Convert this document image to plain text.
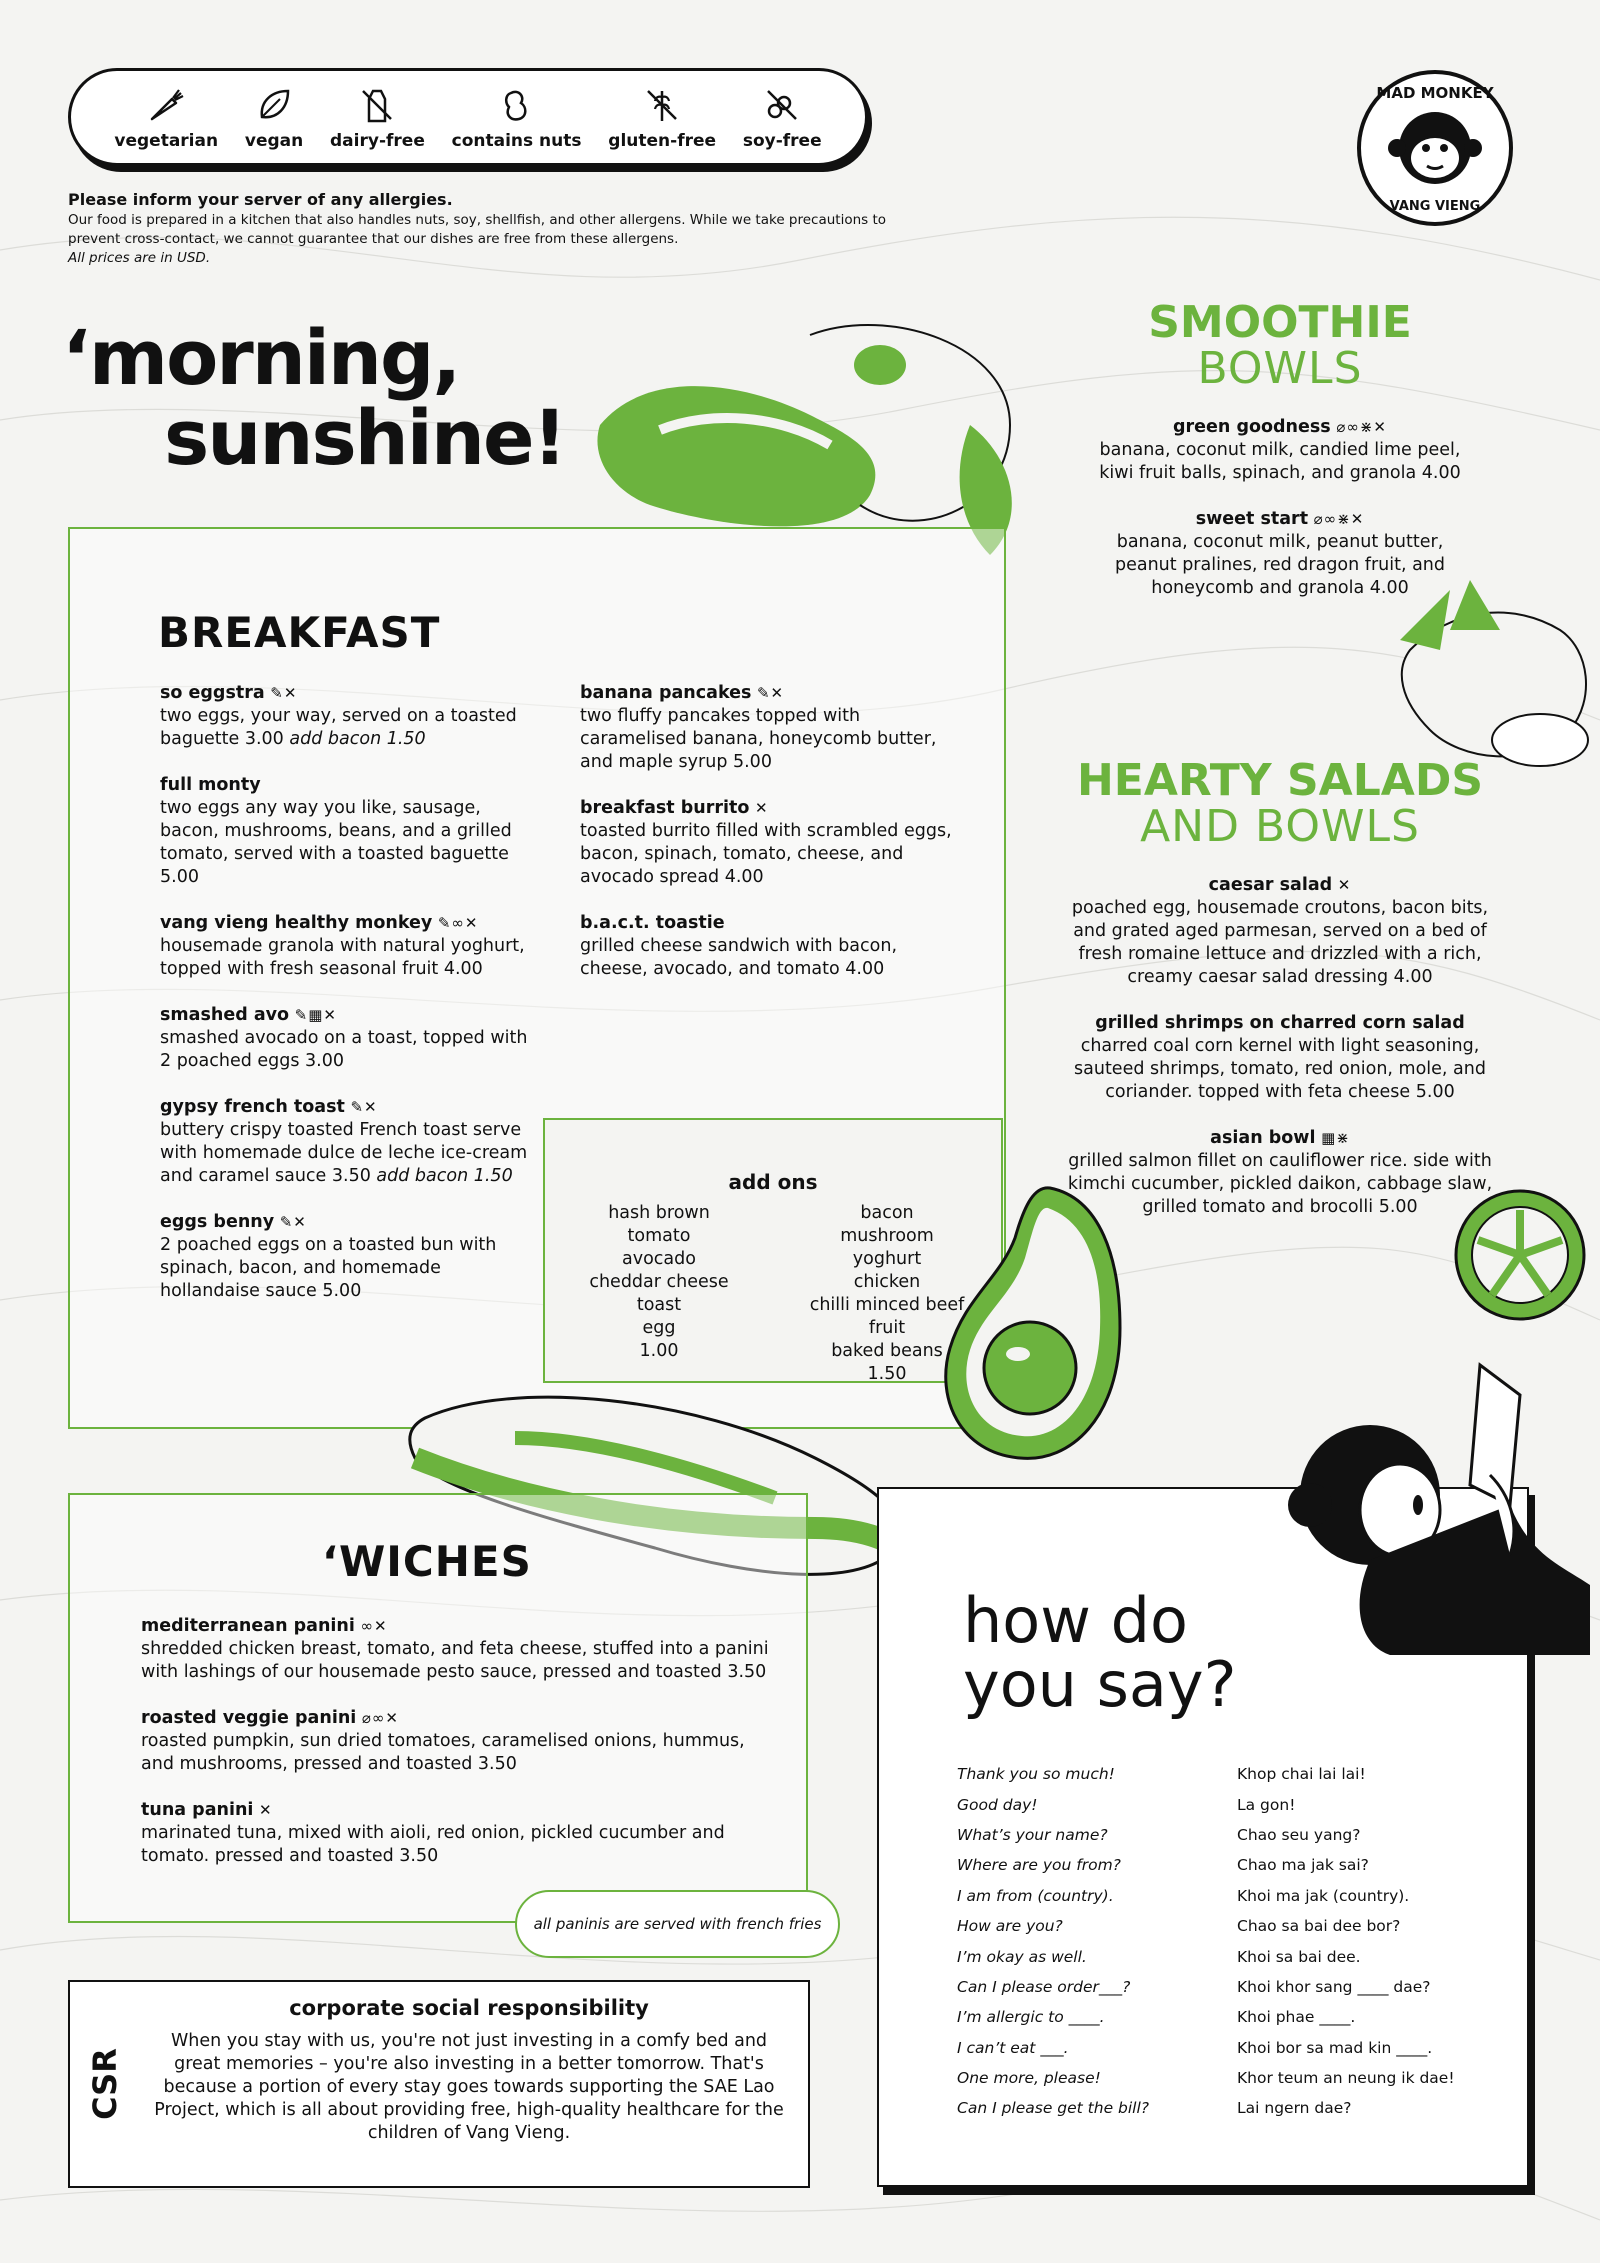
vegetarian vegan dairy-free contains nuts gluten-free soy-free
Please inform your server of any allergies.
Our food is prepared in a kitchen that also handles nuts, soy, shellfish, and other allergens. While we take precautions to prevent cross-contact, we cannot guarantee that our dishes are free from these allergens.
All prices are in USD.
MAD MONKEY
VANG VIENG
‘morning,
sunshine!
BREAKFAST
so eggstra ✎✕
two eggs, your way, served on a toasted baguette 3.00 add bacon 1.50
full monty
two eggs any way you like, sausage, bacon, mushrooms, beans, and a grilled tomato, served with a toasted baguette 5.00
vang vieng healthy monkey ✎∞✕
housemade granola with natural yoghurt, topped with fresh seasonal fruit 4.00
smashed avo ✎▦✕
smashed avocado on a toast, topped with 2 poached eggs 3.00
gypsy french toast ✎✕
buttery crispy toasted French toast serve with homemade dulce de leche ice-cream and caramel sauce 3.50 add bacon 1.50
eggs benny ✎✕
2 poached eggs on a toasted bun with spinach, bacon, and homemade hollandaise sauce 5.00
banana pancakes ✎✕
two fluffy pancakes topped with caramelised banana, honeycomb butter, and maple syrup 5.00
breakfast burrito ✕
toasted burrito filled with scrambled eggs, bacon, spinach, tomato, cheese, and avocado spread 4.00
b.a.c.t. toastie
grilled cheese sandwich with bacon, cheese, avocado, and tomato 4.00
add ons
hash brown
tomato
avocado
cheddar cheese
toast
egg
1.00
bacon
mushroom
yoghurt
chicken
chilli minced beef
fruit
baked beans
1.50
SMOOTHIE
BOWLS
green goodness ⌀∞⋇✕
banana, coconut milk, candied lime peel, kiwi fruit balls, spinach, and granola 4.00
sweet start ⌀∞⋇✕
banana, coconut milk, peanut butter, peanut pralines, red dragon fruit, and honeycomb and granola 4.00
HEARTY SALADS
AND BOWLS
caesar salad ✕
poached egg, housemade croutons, bacon bits, and grated aged parmesan, served on a bed of fresh romaine lettuce and drizzled with a rich, creamy caesar salad dressing 4.00
grilled shrimps on charred corn salad
charred coal corn kernel with light seasoning, sauteed shrimps, tomato, red onion, mole, and coriander. topped with feta cheese 5.00
asian bowl ▦⋇
grilled salmon fillet on cauliflower rice. side with kimchi cucumber, pickled daikon, cabbage slaw, grilled tomato and brocolli 5.00
‘WICHES
mediterranean panini ∞✕
shredded chicken breast, tomato, and feta cheese, stuffed into a panini with lashings of our housemade pesto sauce, pressed and toasted 3.50
roasted veggie panini ⌀∞✕
roasted pumpkin, sun dried tomatoes, caramelised onions, hummus, and mushrooms, pressed and toasted 3.50
tuna panini ✕
marinated tuna, mixed with aioli, red onion, pickled cucumber and tomato. pressed and toasted 3.50
all paninis are served with french fries
CSR
corporate social responsibility
When you stay with us, you're not just investing in a comfy bed and great memories – you're also investing in a better tomorrow. That's because a portion of every stay goes towards supporting the SAE Lao Project, which is all about providing free, high-quality healthcare for the children of Vang Vieng.
how do
you say?
Thank you so much!	Khop chai lai lai!
Good day!	La gon!
What’s your name?	Chao seu yang?
Where are you from?	Chao ma jak sai?
I am from (country).	Khoi ma jak (country).
How are you?	Chao sa bai dee bor?
I’m okay as well.	Khoi sa bai dee.
Can I please order___?	Khoi khor sang ____ dae?
I’m allergic to ____.	Khoi phae ____.
I can’t eat ___.	Khoi bor sa mad kin ____.
One more, please!	Khor teum an neung ik dae!
Can I please get the bill?	Lai ngern dae?
